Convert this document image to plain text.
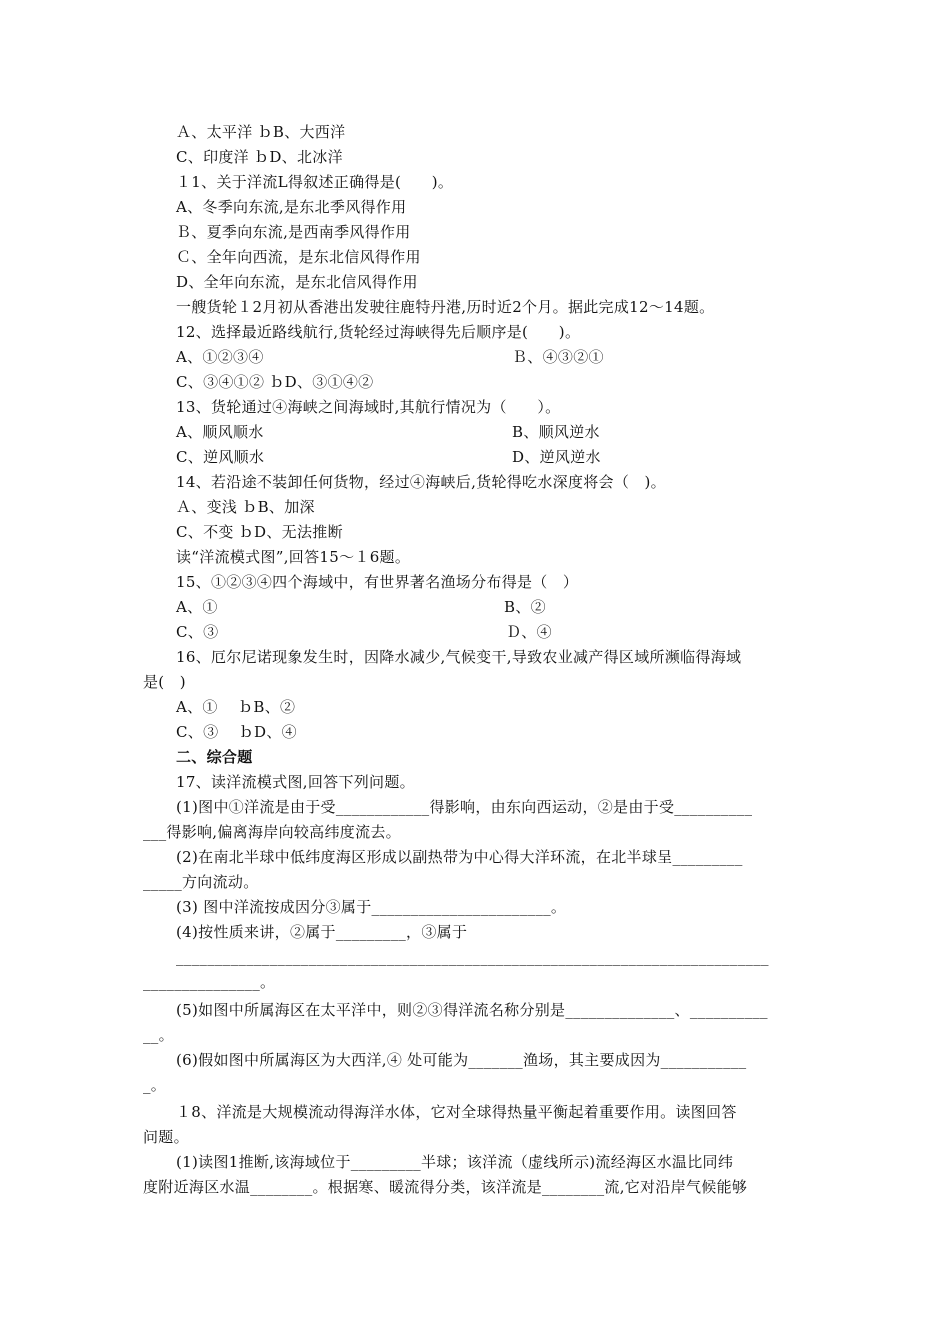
Ａ、太平洋 ｂB、大西洋
C、印度洋 ｂD、北冰洋
１1、关于洋流L得叙述正确得是(　　)。
A、冬季向东流,是东北季风得作用
Ｂ、夏季向东流,是西南季风得作用
Ｃ、全年向西流，是东北信风得作用
D、全年向东流，是东北信风得作用
一艘货轮１2月初从香港出发驶往鹿特丹港,历时近2个月。据此完成12～14题。
12、选择最近路线航行,货轮经过海峡得先后顺序是(　　)。
A、①②③④	Ｂ、④③②①
C、③④①② ｂD、③①④②
13、货轮通过④海峡之间海域时,其航行情况为（　　）。
A、顺风顺水	B、顺风逆水
C、逆风顺水	D、逆风逆水
14、若沿途不装卸任何货物，经过④海峡后,货轮得吃水深度将会（　)。
Ａ、变浅 ｂB、加深
C、不变 ｂD、无法推断
读“洋流模式图”,回答15～１6题。
15、①②③④四个海域中，有世界著名渔场分布得是（　）
A、①	B、②
C、③	Ｄ、④
16、厄尔尼诺现象发生时，因降水减少,气候变干,导致农业减产得区域所濒临得海域
是(　)
A、①　 ｂB、②
C、③　 ｂD、④
二、综合题
17、读洋流模式图,回答下列问题。
(1)图中①洋流是由于受____________得影响，由东向西运动，②是由于受__________
___得影响,偏离海岸向较高纬度流去。
(2)在南北半球中低纬度海区形成以副热带为中心得大洋环流，在北半球呈_________
_____方向流动。
(3) 图中洋流按成因分③属于_______________________。
(4)按性质来讲，②属于_________，③属于
____________________________________________________________________________
_______________。
(5)如图中所属海区在太平洋中，则②③得洋流名称分别是______________、__________
__。
(6)假如图中所属海区为大西洋,④ 处可能为_______渔场，其主要成因为___________
_。
１8、洋流是大规模流动得海洋水体，它对全球得热量平衡起着重要作用。读图回答
问题。
(1)读图1推断,该海域位于_________半球；该洋流（虚线所示)流经海区水温比同纬
度附近海区水温________。根据寒、暖流得分类，该洋流是________流,它对沿岸气候能够
